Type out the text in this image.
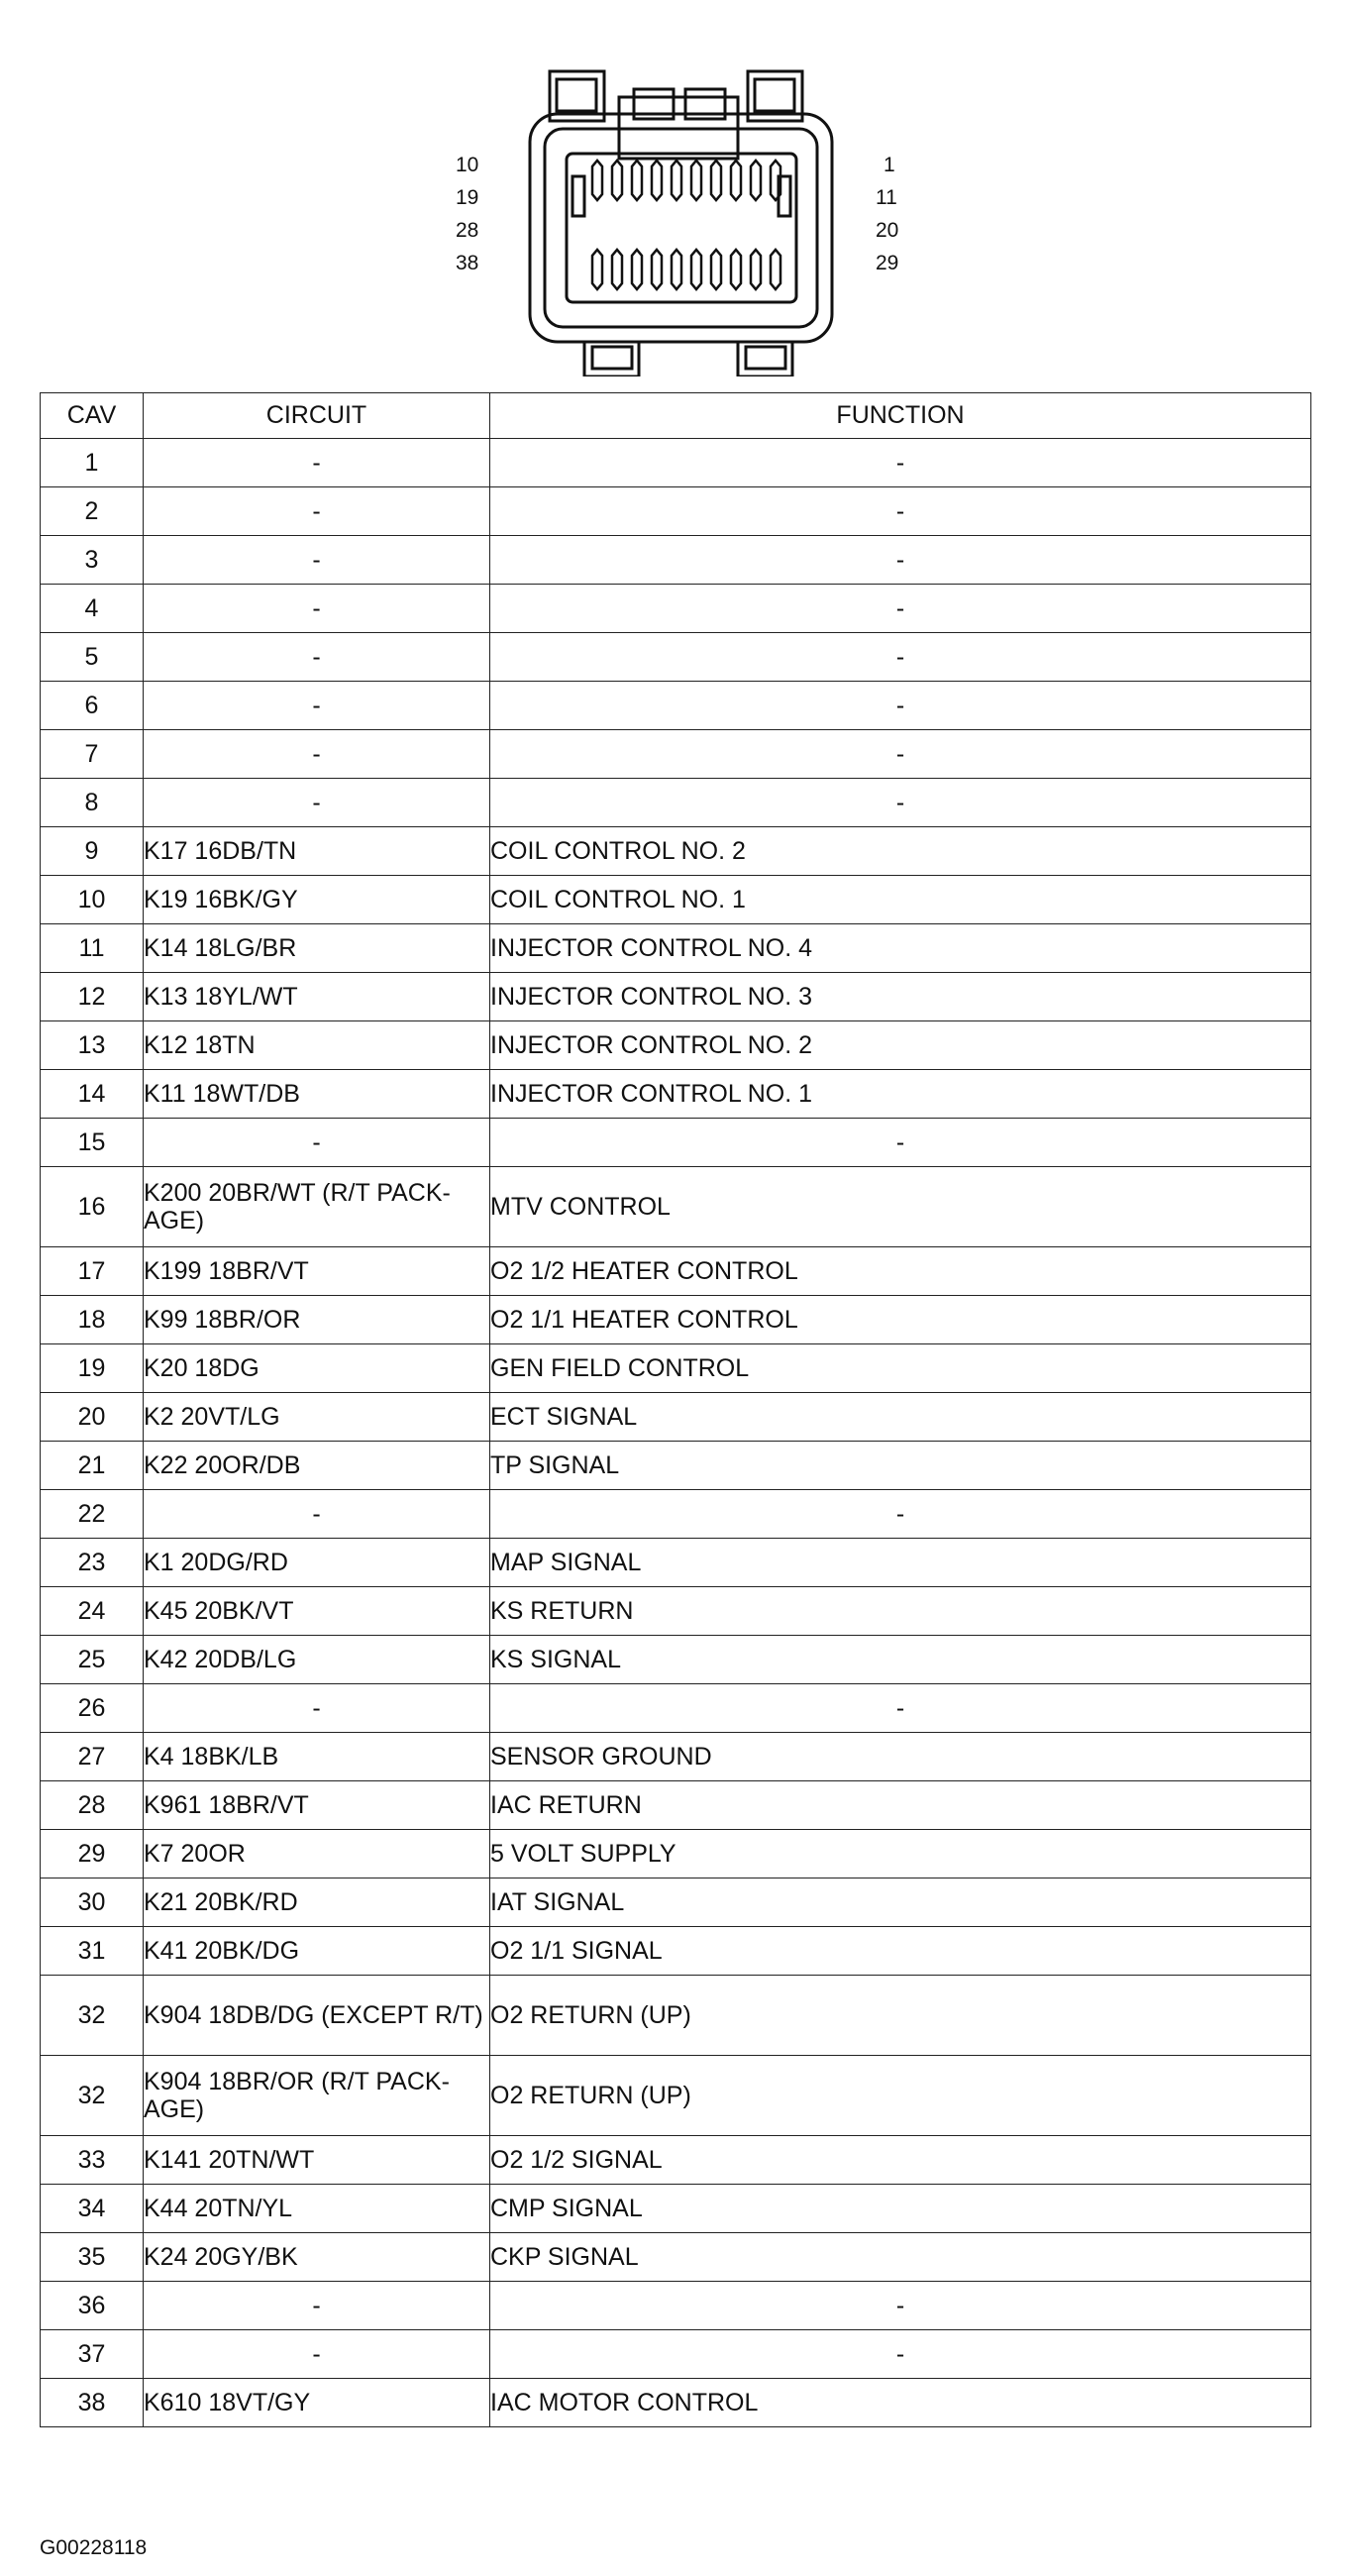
10
19
28
38
1
11
20
29
CAV	CIRCUIT	FUNCTION
1	-	-

2	-	-

3	-	-

4	-	-

5	-	-

6	-	-

7	-	-

8	-	-

9	K17 16DB/TN	COIL CONTROL NO. 2

10	K19 16BK/GY	COIL CONTROL NO. 1

11	K14 18LG/BR	INJECTOR CONTROL NO. 4

12	K13 18YL/WT	INJECTOR CONTROL NO. 3

13	K12 18TN	INJECTOR CONTROL NO. 2

14	K11 18WT/DB	INJECTOR CONTROL NO. 1

15	-	-

16	K200 20BR/WT (R/T PACK-AGE)	MTV CONTROL

17	K199 18BR/VT	O2 1/2 HEATER CONTROL

18	K99 18BR/OR	O2 1/1 HEATER CONTROL

19	K20 18DG	GEN FIELD CONTROL

20	K2 20VT/LG	ECT SIGNAL

21	K22 20OR/DB	TP SIGNAL

22	-	-

23	K1 20DG/RD	MAP SIGNAL

24	K45 20BK/VT	KS RETURN

25	K42 20DB/LG	KS SIGNAL

26	-	-

27	K4 18BK/LB	SENSOR GROUND

28	K961 18BR/VT	IAC RETURN

29	K7 20OR	5 VOLT SUPPLY

30	K21 20BK/RD	IAT SIGNAL

31	K41 20BK/DG	O2 1/1 SIGNAL

32	K904 18DB/DG (EXCEPT R/T)	O2 RETURN (UP)

32	K904 18BR/OR (R/T PACK-AGE)	O2 RETURN (UP)

33	K141 20TN/WT	O2 1/2 SIGNAL

34	K44 20TN/YL	CMP SIGNAL

35	K24 20GY/BK	CKP SIGNAL

36	-	-

37	-	-

38	K610 18VT/GY	IAC MOTOR CONTROL
G00228118
